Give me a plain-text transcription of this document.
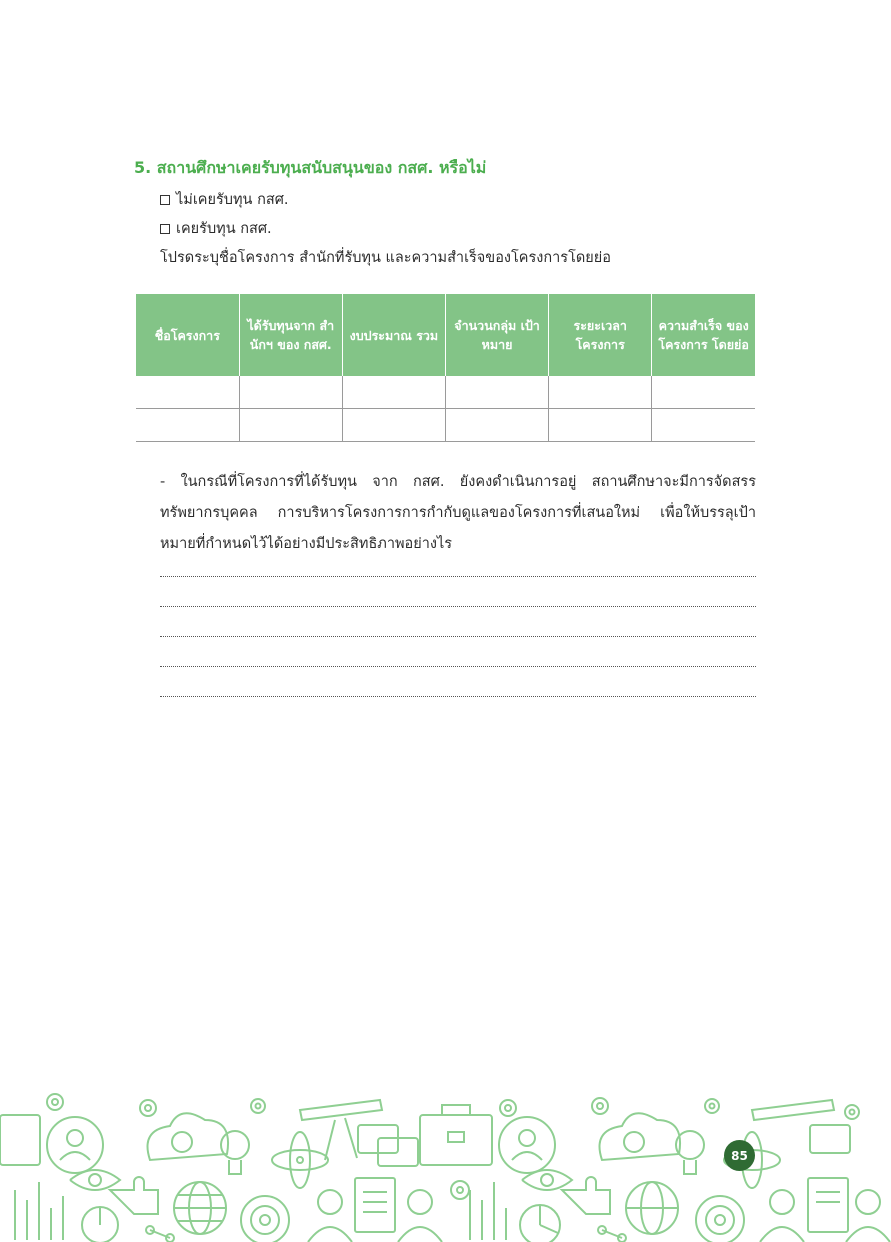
5. สถานศึกษาเคยรับทุนสนับสนุนของ กสศ. หรือไม่
ไม่เคยรับทุน กสศ.
เคยรับทุน กสศ.
โปรดระบุชื่อโครงการ สำนักที่รับทุน และความสำเร็จของโครงการโดยย่อ
ชื่อโครงการ	ได้รับทุนจาก สำนักฯ ของ กสศ.	งบประมาณ รวม	จำนวนกลุ่ม เป้าหมาย	ระยะเวลา โครงการ	ความสำเร็จ ของโครงการ โดยย่อ

- ในกรณีที่โครงการที่ได้รับทุน จาก กสศ. ยังคงดำเนินการอยู่ สถานศึกษาจะมีการจัดสรรทรัพยากรบุคคล การบริหารโครงการการกำกับดูแลของโครงการที่เสนอใหม่ เพื่อให้บรรลุเป้าหมายที่กำหนดไว้ได้อย่างมีประสิทธิภาพอย่างไร
85
